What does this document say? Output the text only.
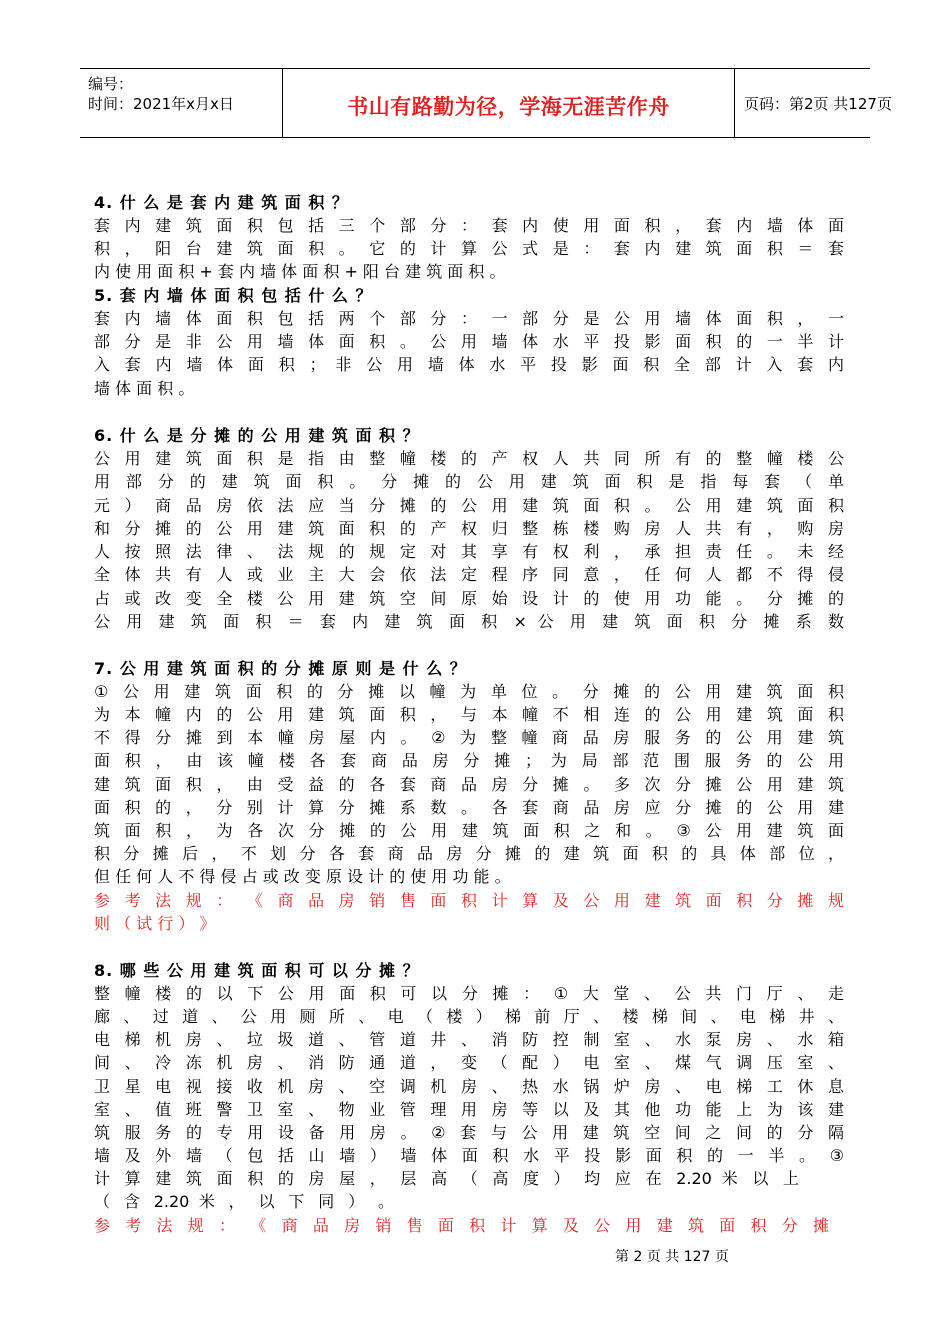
编号：
时间：2021年x月x日	书山有路勤为径，学海无涯苦作舟	页码：第2页 共127页
4. 什 么 是 套 内 建 筑 面 积 ？
套 内 建 筑 面 积 包 括 三 个 部 分 ： 套 内 使 用 面 积 ， 套 内 墙 体 面
积 ， 阳 台 建 筑 面 积 。 它 的 计 算 公 式 是 ： 套 内 建 筑 面 积 ＝ 套
内 使 用 面 积 + 套 内 墙 体 面 积 + 阳 台 建 筑 面 积 。
5. 套 内 墙 体 面 积 包 括 什 么 ？
套 内 墙 体 面 积 包 括 两 个 部 分 ： 一 部 分 是 公 用 墙 体 面 积 ， 一
部 分 是 非 公 用 墙 体 面 积 。 公 用 墙 体 水 平 投 影 面 积 的 一 半 计
入 套 内 墙 体 面 积 ； 非 公 用 墙 体 水 平 投 影 面 积 全 部 计 入 套 内
墙 体 面 积 。
6. 什 么 是 分 摊 的 公 用 建 筑 面 积 ？
公 用 建 筑 面 积 是 指 由 整 幢 楼 的 产 权 人 共 同 所 有 的 整 幢 楼 公
用 部 分 的 建 筑 面 积 。 分 摊 的 公 用 建 筑 面 积 是 指 每 套 （ 单
元 ） 商 品 房 依 法 应 当 分 摊 的 公 用 建 筑 面 积 。 公 用 建 筑 面 积
和 分 摊 的 公 用 建 筑 面 积 的 产 权 归 整 栋 楼 购 房 人 共 有 ， 购 房
人 按 照 法 律 、 法 规 的 规 定 对 其 享 有 权 利 ， 承 担 责 任 。 未 经
全 体 共 有 人 或 业 主 大 会 依 法 定 程 序 同 意 ， 任 何 人 都 不 得 侵
占 或 改 变 全 楼 公 用 建 筑 空 间 原 始 设 计 的 使 用 功 能 。 分 摊 的
公 用 建 筑 面 积 ＝ 套 内 建 筑 面 积 × 公 用 建 筑 面 积 分 摊 系 数
7. 公 用 建 筑 面 积 的 分 摊 原 则 是 什 么 ？
① 公 用 建 筑 面 积 的 分 摊 以 幢 为 单 位 。 分 摊 的 公 用 建 筑 面 积
为 本 幢 内 的 公 用 建 筑 面 积 ， 与 本 幢 不 相 连 的 公 用 建 筑 面 积
不 得 分 摊 到 本 幢 房 屋 内 。 ② 为 整 幢 商 品 房 服 务 的 公 用 建 筑
面 积 ， 由 该 幢 楼 各 套 商 品 房 分 摊 ； 为 局 部 范 围 服 务 的 公 用
建 筑 面 积 ， 由 受 益 的 各 套 商 品 房 分 摊 。 多 次 分 摊 公 用 建 筑
面 积 的 ， 分 别 计 算 分 摊 系 数 。 各 套 商 品 房 应 分 摊 的 公 用 建
筑 面 积 ， 为 各 次 分 摊 的 公 用 建 筑 面 积 之 和 。 ③ 公 用 建 筑 面
积 分 摊 后 ， 不 划 分 各 套 商 品 房 分 摊 的 建 筑 面 积 的 具 体 部 位 ，
但 任 何 人 不 得 侵 占 或 改 变 原 设 计 的 使 用 功 能 。
参 考 法 规 ： 《 商 品 房 销 售 面 积 计 算 及 公 用 建 筑 面 积 分 摊 规
则 （ 试 行 ） 》
8. 哪 些 公 用 建 筑 面 积 可 以 分 摊 ？
整 幢 楼 的 以 下 公 用 面 积 可 以 分 摊 ： ① 大 堂 、 公 共 门 厅 、 走
廊 、 过 道 、 公 用 厕 所 、 电 （ 楼 ） 梯 前 厅 、 楼 梯 间 、 电 梯 井 、
电 梯 机 房 、 垃 圾 道 、 管 道 井 、 消 防 控 制 室 、 水 泵 房 、 水 箱
间 、 冷 冻 机 房 、 消 防 通 道 ， 变 （ 配 ） 电 室 、 煤 气 调 压 室 、
卫 星 电 视 接 收 机 房 、 空 调 机 房 、 热 水 锅 炉 房 、 电 梯 工 休 息
室 、 值 班 警 卫 室 、 物 业 管 理 用 房 等 以 及 其 他 功 能 上 为 该 建
筑 服 务 的 专 用 设 备 用 房 。 ② 套 与 公 用 建 筑 空 间 之 间 的 分 隔
墙 及 外 墙 （ 包 括 山 墙 ） 墙 体 面 积 水 平 投 影 面 积 的 一 半 。 ③
计 算 建 筑 面 积 的 房 屋 ， 层 高 （ 高 度 ） 均 应 在 2.20 米 以 上
（ 含 2.20 米 ， 以 下 同 ） 。
参 考 法 规 ： 《 商 品 房 销 售 面 积 计 算 及 公 用 建 筑 面 积 分 摊
第 2 页 共 127 页
